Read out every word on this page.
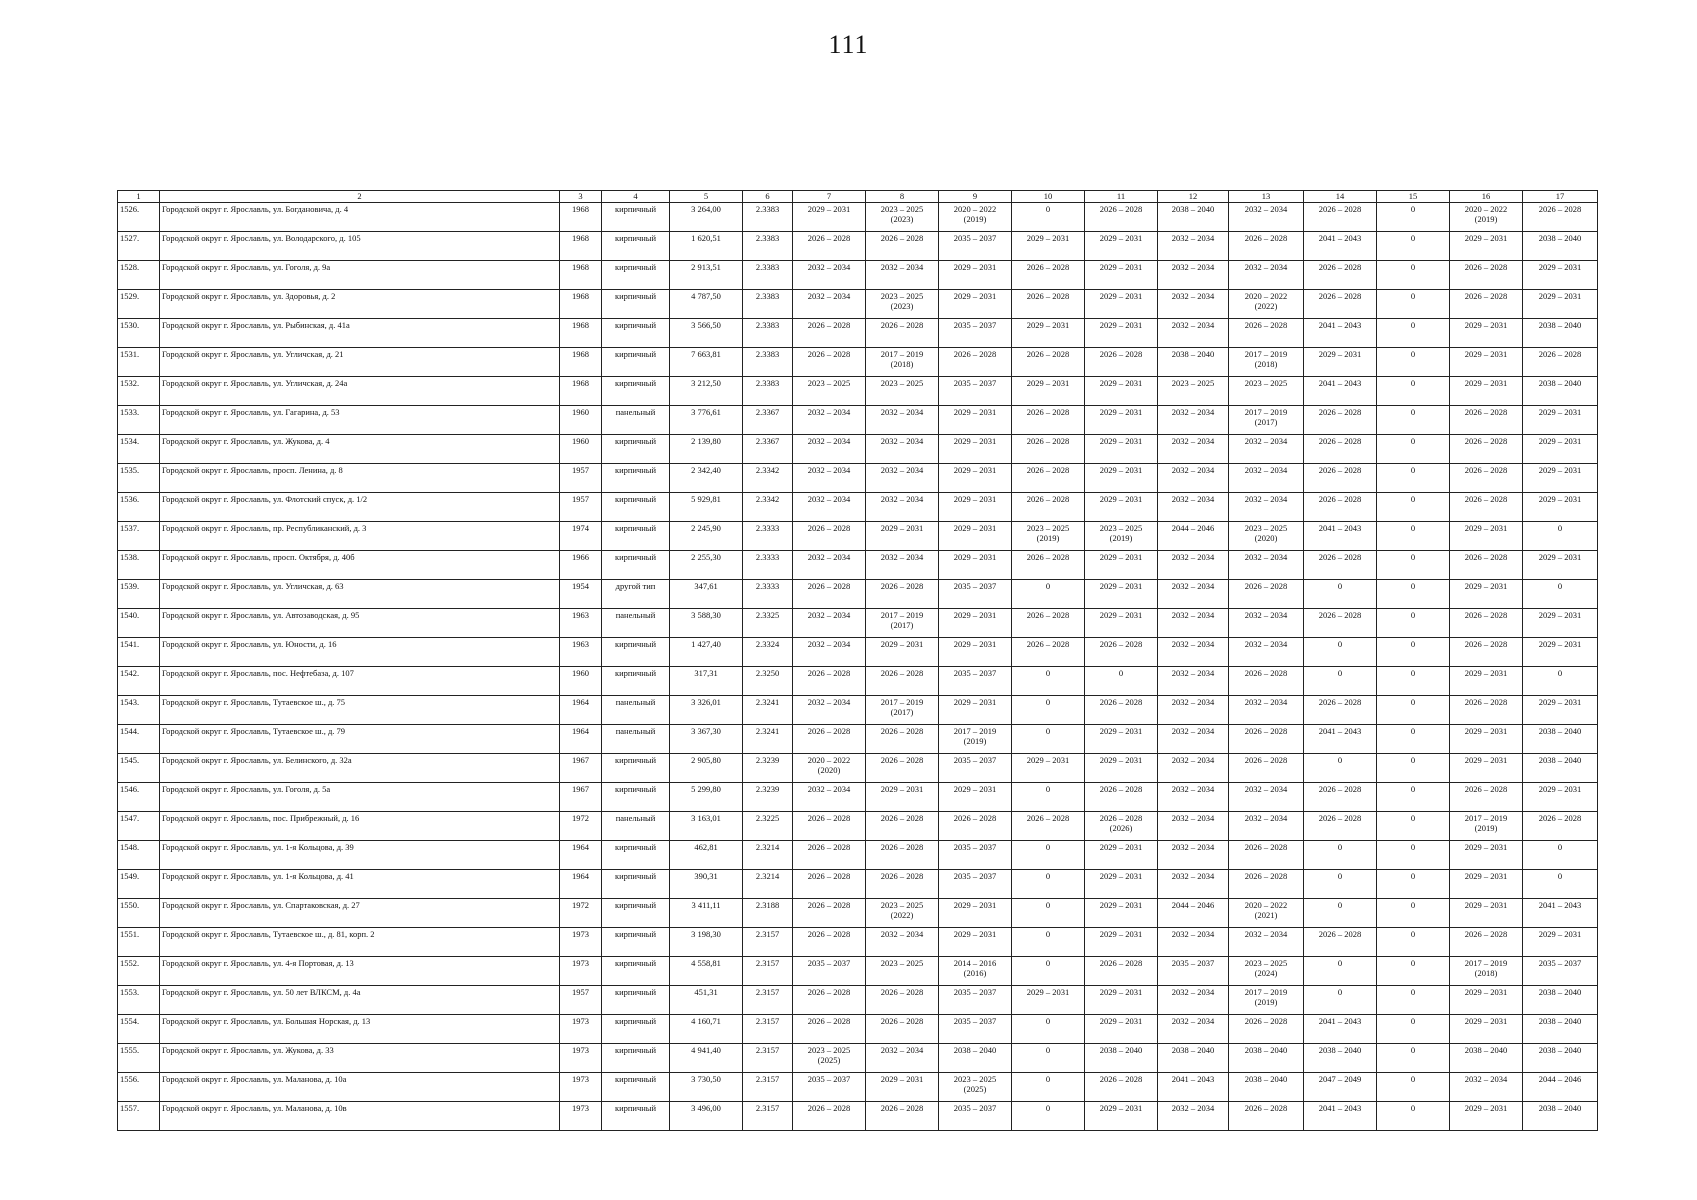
111
1	2	3	4	5	6	7	8	9	10	11	12	13	14	15	16	17

1526.	Городской округ г. Ярославль, ул. Богдановича, д. 4	1968	кирпичный	3 264,00	2.3383	2029 – 2031	2023 – 2025
(2023)	2020 – 2022
(2019)	0	2026 – 2028	2038 – 2040	2032 – 2034	2026 – 2028	0	2020 – 2022
(2019)	2026 – 2028

1527.	Городской округ г. Ярославль, ул. Володарского, д. 105	1968	кирпичный	1 620,51	2.3383	2026 – 2028	2026 – 2028	2035 – 2037	2029 – 2031	2029 – 2031	2032 – 2034	2026 – 2028	2041 – 2043	0	2029 – 2031	2038 – 2040

1528.	Городской округ г. Ярославль, ул. Гоголя, д. 9а	1968	кирпичный	2 913,51	2.3383	2032 – 2034	2032 – 2034	2029 – 2031	2026 – 2028	2029 – 2031	2032 – 2034	2032 – 2034	2026 – 2028	0	2026 – 2028	2029 – 2031

1529.	Городской округ г. Ярославль, ул. Здоровья, д. 2	1968	кирпичный	4 787,50	2.3383	2032 – 2034	2023 – 2025
(2023)	2029 – 2031	2026 – 2028	2029 – 2031	2032 – 2034	2020 – 2022
(2022)	2026 – 2028	0	2026 – 2028	2029 – 2031

1530.	Городской округ г. Ярославль, ул. Рыбинская, д. 41а	1968	кирпичный	3 566,50	2.3383	2026 – 2028	2026 – 2028	2035 – 2037	2029 – 2031	2029 – 2031	2032 – 2034	2026 – 2028	2041 – 2043	0	2029 – 2031	2038 – 2040

1531.	Городской округ г. Ярославль, ул. Угличская, д. 21	1968	кирпичный	7 663,81	2.3383	2026 – 2028	2017 – 2019
(2018)	2026 – 2028	2026 – 2028	2026 – 2028	2038 – 2040	2017 – 2019
(2018)	2029 – 2031	0	2029 – 2031	2026 – 2028

1532.	Городской округ г. Ярославль, ул. Угличская, д. 24а	1968	кирпичный	3 212,50	2.3383	2023 – 2025	2023 – 2025	2035 – 2037	2029 – 2031	2029 – 2031	2023 – 2025	2023 – 2025	2041 – 2043	0	2029 – 2031	2038 – 2040

1533.	Городской округ г. Ярославль, ул. Гагарина, д. 53	1960	панельный	3 776,61	2.3367	2032 – 2034	2032 – 2034	2029 – 2031	2026 – 2028	2029 – 2031	2032 – 2034	2017 – 2019
(2017)	2026 – 2028	0	2026 – 2028	2029 – 2031

1534.	Городской округ г. Ярославль, ул. Жукова, д. 4	1960	кирпичный	2 139,80	2.3367	2032 – 2034	2032 – 2034	2029 – 2031	2026 – 2028	2029 – 2031	2032 – 2034	2032 – 2034	2026 – 2028	0	2026 – 2028	2029 – 2031

1535.	Городской округ г. Ярославль, просп. Ленина, д. 8	1957	кирпичный	2 342,40	2.3342	2032 – 2034	2032 – 2034	2029 – 2031	2026 – 2028	2029 – 2031	2032 – 2034	2032 – 2034	2026 – 2028	0	2026 – 2028	2029 – 2031

1536.	Городской округ г. Ярославль, ул. Флотский спуск, д. 1/2	1957	кирпичный	5 929,81	2.3342	2032 – 2034	2032 – 2034	2029 – 2031	2026 – 2028	2029 – 2031	2032 – 2034	2032 – 2034	2026 – 2028	0	2026 – 2028	2029 – 2031

1537.	Городской округ г. Ярославль, пр. Республиканский, д. 3	1974	кирпичный	2 245,90	2.3333	2026 – 2028	2029 – 2031	2029 – 2031	2023 – 2025
(2019)	2023 – 2025
(2019)	2044 – 2046	2023 – 2025
(2020)	2041 – 2043	0	2029 – 2031	0

1538.	Городской округ г. Ярославль, просп. Октября, д. 40б	1966	кирпичный	2 255,30	2.3333	2032 – 2034	2032 – 2034	2029 – 2031	2026 – 2028	2029 – 2031	2032 – 2034	2032 – 2034	2026 – 2028	0	2026 – 2028	2029 – 2031

1539.	Городской округ г. Ярославль, ул. Угличская, д. 63	1954	другой тип	347,61	2.3333	2026 – 2028	2026 – 2028	2035 – 2037	0	2029 – 2031	2032 – 2034	2026 – 2028	0	0	2029 – 2031	0

1540.	Городской округ г. Ярославль, ул. Автозаводская, д. 95	1963	панельный	3 588,30	2.3325	2032 – 2034	2017 – 2019
(2017)	2029 – 2031	2026 – 2028	2029 – 2031	2032 – 2034	2032 – 2034	2026 – 2028	0	2026 – 2028	2029 – 2031

1541.	Городской округ г. Ярославль, ул. Юности, д. 16	1963	кирпичный	1 427,40	2.3324	2032 – 2034	2029 – 2031	2029 – 2031	2026 – 2028	2026 – 2028	2032 – 2034	2032 – 2034	0	0	2026 – 2028	2029 – 2031

1542.	Городской округ г. Ярославль, пос. Нефтебаза, д. 107	1960	кирпичный	317,31	2.3250	2026 – 2028	2026 – 2028	2035 – 2037	0	0	2032 – 2034	2026 – 2028	0	0	2029 – 2031	0

1543.	Городской округ г. Ярославль, Тутаевское ш., д. 75	1964	панельный	3 326,01	2.3241	2032 – 2034	2017 – 2019
(2017)	2029 – 2031	0	2026 – 2028	2032 – 2034	2032 – 2034	2026 – 2028	0	2026 – 2028	2029 – 2031

1544.	Городской округ г. Ярославль, Тутаевское ш., д. 79	1964	панельный	3 367,30	2.3241	2026 – 2028	2026 – 2028	2017 – 2019
(2019)	0	2029 – 2031	2032 – 2034	2026 – 2028	2041 – 2043	0	2029 – 2031	2038 – 2040

1545.	Городской округ г. Ярославль, ул. Белинского, д. 32а	1967	кирпичный	2 905,80	2.3239	2020 – 2022
(2020)	2026 – 2028	2035 – 2037	2029 – 2031	2029 – 2031	2032 – 2034	2026 – 2028	0	0	2029 – 2031	2038 – 2040

1546.	Городской округ г. Ярославль, ул. Гоголя, д. 5а	1967	кирпичный	5 299,80	2.3239	2032 – 2034	2029 – 2031	2029 – 2031	0	2026 – 2028	2032 – 2034	2032 – 2034	2026 – 2028	0	2026 – 2028	2029 – 2031

1547.	Городской округ г. Ярославль, пос. Прибрежный, д. 16	1972	панельный	3 163,01	2.3225	2026 – 2028	2026 – 2028	2026 – 2028	2026 – 2028	2026 – 2028
(2026)	2032 – 2034	2032 – 2034	2026 – 2028	0	2017 – 2019
(2019)	2026 – 2028

1548.	Городской округ г. Ярославль, ул. 1-я Кольцова, д. 39	1964	кирпичный	462,81	2.3214	2026 – 2028	2026 – 2028	2035 – 2037	0	2029 – 2031	2032 – 2034	2026 – 2028	0	0	2029 – 2031	0

1549.	Городской округ г. Ярославль, ул. 1-я Кольцова, д. 41	1964	кирпичный	390,31	2.3214	2026 – 2028	2026 – 2028	2035 – 2037	0	2029 – 2031	2032 – 2034	2026 – 2028	0	0	2029 – 2031	0

1550.	Городской округ г. Ярославль, ул. Спартаковская, д. 27	1972	кирпичный	3 411,11	2.3188	2026 – 2028	2023 – 2025
(2022)	2029 – 2031	0	2029 – 2031	2044 – 2046	2020 – 2022
(2021)	0	0	2029 – 2031	2041 – 2043

1551.	Городской округ г. Ярославль, Тутаевское ш., д. 81, корп. 2	1973	кирпичный	3 198,30	2.3157	2026 – 2028	2032 – 2034	2029 – 2031	0	2029 – 2031	2032 – 2034	2032 – 2034	2026 – 2028	0	2026 – 2028	2029 – 2031

1552.	Городской округ г. Ярославль, ул. 4-я Портовая, д. 13	1973	кирпичный	4 558,81	2.3157	2035 – 2037	2023 – 2025	2014 – 2016
(2016)	0	2026 – 2028	2035 – 2037	2023 – 2025
(2024)	0	0	2017 – 2019
(2018)	2035 – 2037

1553.	Городской округ г. Ярославль, ул. 50 лет ВЛКСМ, д. 4а	1957	кирпичный	451,31	2.3157	2026 – 2028	2026 – 2028	2035 – 2037	2029 – 2031	2029 – 2031	2032 – 2034	2017 – 2019
(2019)	0	0	2029 – 2031	2038 – 2040

1554.	Городской округ г. Ярославль, ул. Большая Норская, д. 13	1973	кирпичный	4 160,71	2.3157	2026 – 2028	2026 – 2028	2035 – 2037	0	2029 – 2031	2032 – 2034	2026 – 2028	2041 – 2043	0	2029 – 2031	2038 – 2040

1555.	Городской округ г. Ярославль, ул. Жукова, д. 33	1973	кирпичный	4 941,40	2.3157	2023 – 2025
(2025)	2032 – 2034	2038 – 2040	0	2038 – 2040	2038 – 2040	2038 – 2040	2038 – 2040	0	2038 – 2040	2038 – 2040

1556.	Городской округ г. Ярославль, ул. Маланова, д. 10а	1973	кирпичный	3 730,50	2.3157	2035 – 2037	2029 – 2031	2023 – 2025
(2025)	0	2026 – 2028	2041 – 2043	2038 – 2040	2047 – 2049	0	2032 – 2034	2044 – 2046

1557.	Городской округ г. Ярославль, ул. Маланова, д. 10в	1973	кирпичный	3 496,00	2.3157	2026 – 2028	2026 – 2028	2035 – 2037	0	2029 – 2031	2032 – 2034	2026 – 2028	2041 – 2043	0	2029 – 2031	2038 – 2040
